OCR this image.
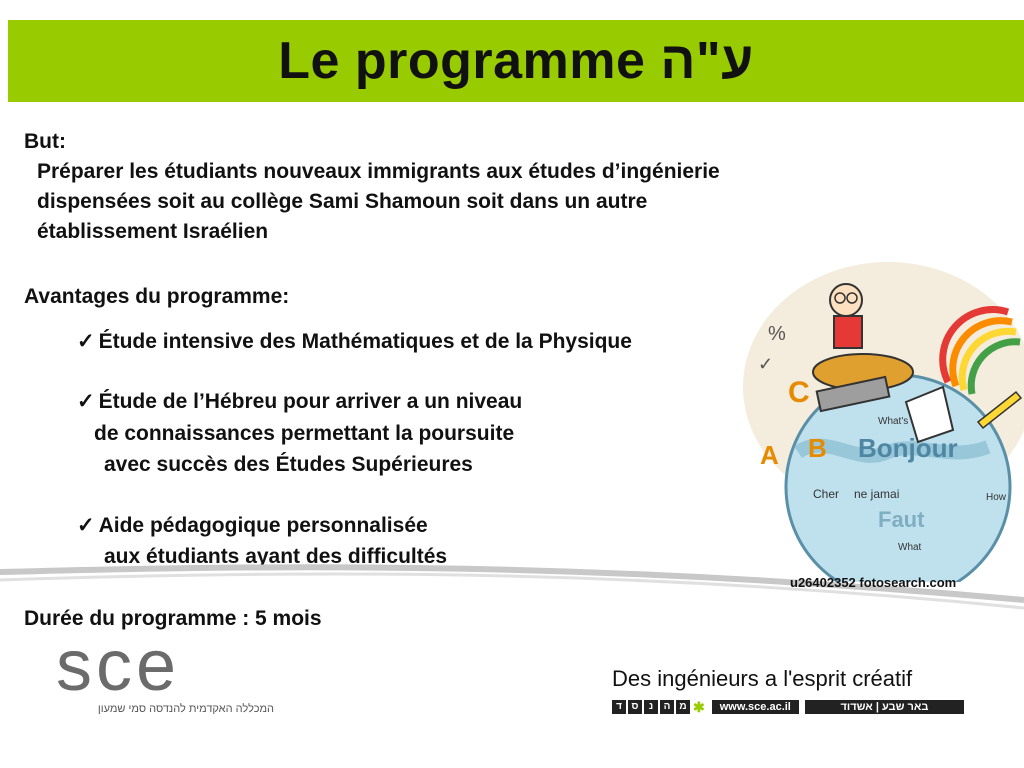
Le programme ע"ה
But:
Préparer les étudiants nouveaux immigrants aux études d’ingénierie
dispensées soit au collège Sami Shamoun soit dans un autre
établissement Israélien
Avantages du programme:
✓ Étude intensive des Mathématiques et de la Physique
✓ Étude de l’Hébreu pour arriver a un niveau
de connaissances permettant la poursuite
avec succès des Études Supérieures
✓ Aide pédagogique personnalisée
aux étudiants ayant des difficultés
Durée du programme : 5 mois
Bonjour
What's
How
ne jamai
Faut
What
Cher
C
A B
%
✓
u26402352 fotosearch.com
sce
המכללה האקדמית להנדסה סמי שמעון
Des ingénieurs a l'esprit créatif
ד ס	נ	ה מ ✱	www.sce.ac.il	באר שבע | אשדוד
